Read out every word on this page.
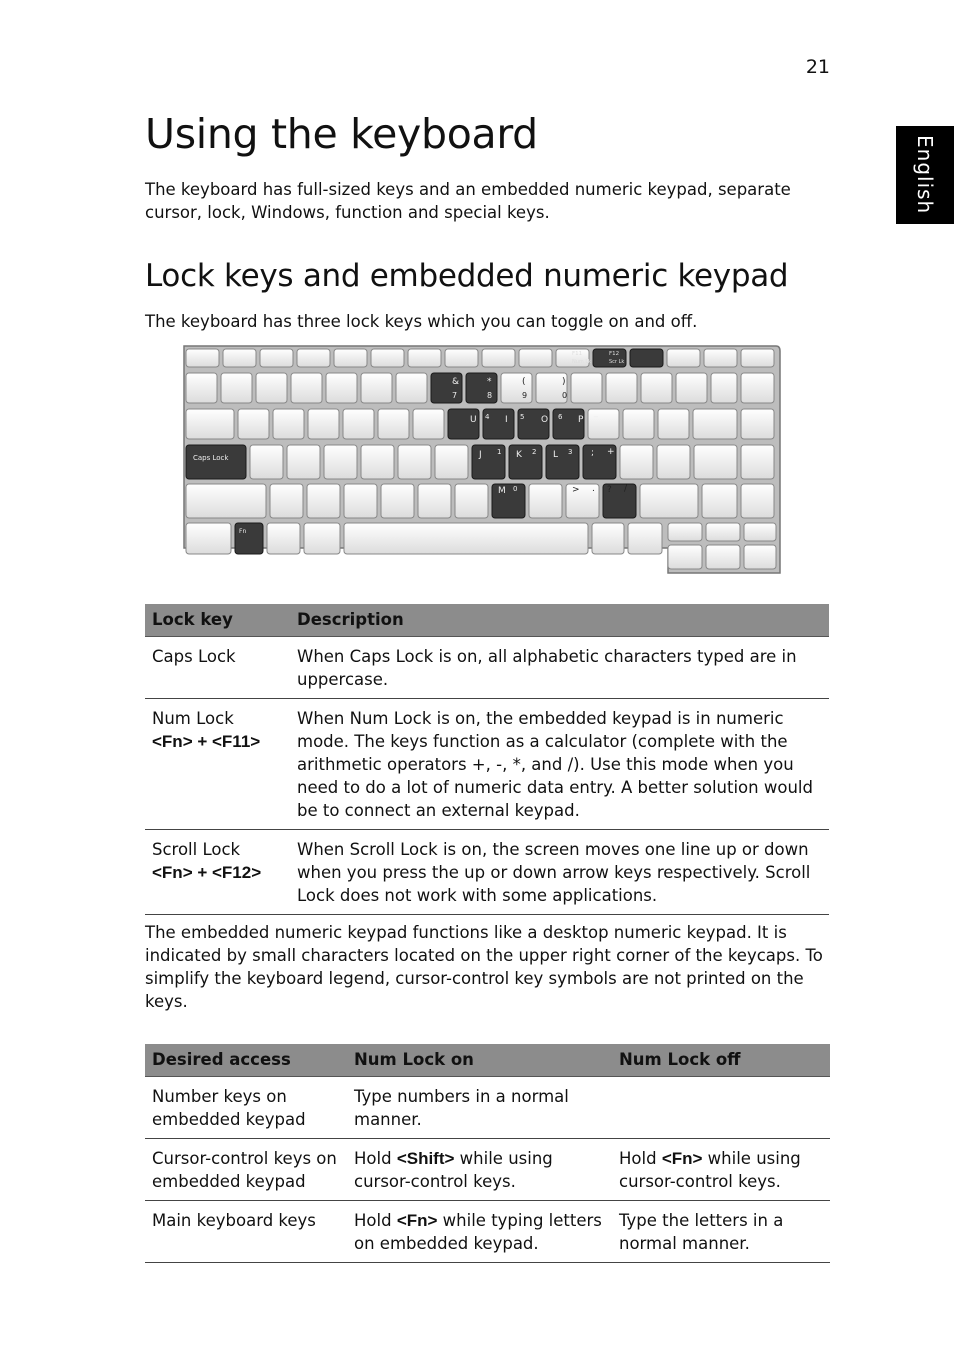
21
English
Using the keyboard

The keyboard has full-sized keys and an embedded numeric keypad, separate cursor, lock, Windows, function and special keys.

Lock keys and embedded numeric keypad

The keyboard has three lock keys which you can toggle on and off.

F11
Num Lk
F12
Scr Lk
Caps Lock
Fn
&
7
*
8
(
9
)
0
U 4 I 5 O 6 P −
J 1 K 2 L 3 ; +
M 0	> . ? /
Lock key	Description
Caps Lock	When Caps Lock is on, all alphabetic characters typed are in uppercase.
Num Lock
<Fn> + <F11>	When Num Lock is on, the embedded keypad is in numeric mode. The keys function as a calculator (complete with the arithmetic operators +, -, *, and /). Use this mode when you need to do a lot of numeric data entry. A better solution would be to connect an external keypad.
Scroll Lock
<Fn> + <F12>	When Scroll Lock is on, the screen moves one line up or down when you press the up or down arrow keys respectively. Scroll Lock does not work with some applications.

The embedded numeric keypad functions like a desktop numeric keypad. It is indicated by small characters located on the upper right corner of the keycaps. To simplify the keyboard legend, cursor-control key symbols are not printed on the keys.

Desired access	Num Lock on	Num Lock off
Number keys on embedded keypad	Type numbers in a normal manner.	
Cursor-control keys on embedded keypad	Hold <Shift> while using cursor-control keys.	Hold <Fn> while using cursor-control keys.
Main keyboard keys	Hold <Fn> while typing letters on embedded keypad.	Type the letters in a normal manner.
